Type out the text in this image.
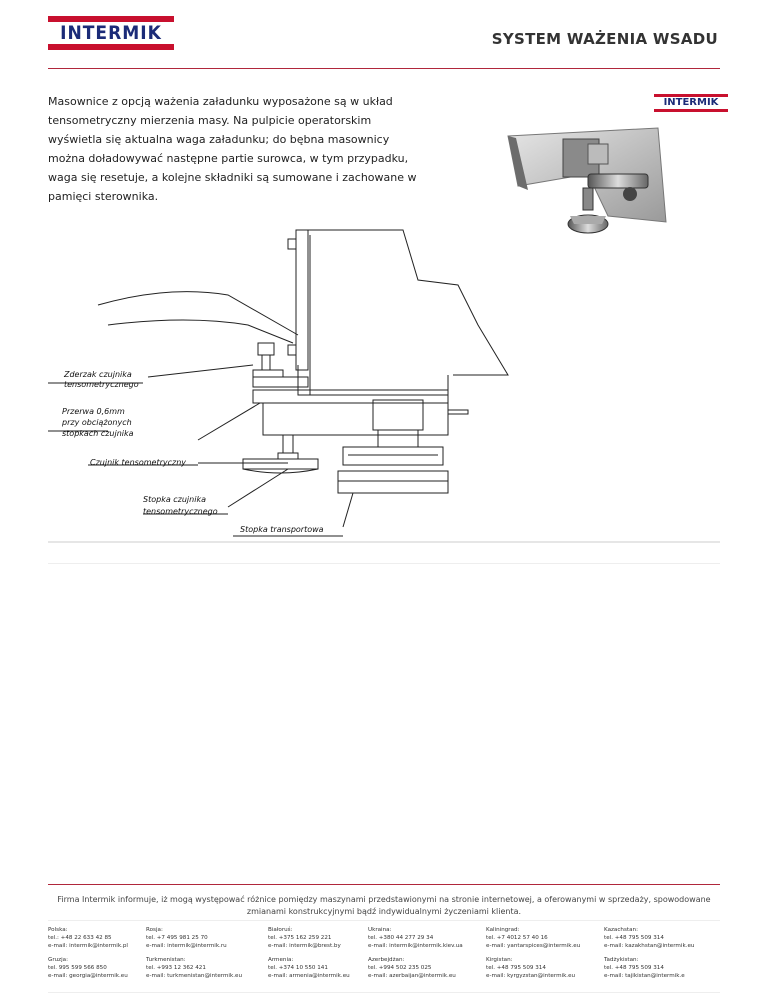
INTERMIK	SYSTEM WAŻENIA WSADU
Masownice z opcją ważenia załadunku wyposażone są w układ tensometryczny mierzenia masy. Na pulpicie operatorskim wyświetla się aktualna waga załadunku; do bębna masownicy można doładowywać następne partie surowca, w tym przypadku, waga się resetuje, a kolejne składniki są sumowane i zachowane w pamięci sterownika.
INTERMIK
Zderzak czujnika
tensometrycznego
Przerwa 0,6mm
przy obciążonych
stopkach czujnika
Czujnik tensometryczny
Stopka czujnika
tensometrycznego
Stopka transportowa
Firma Intermik informuje, iż mogą występować różnice pomiędzy maszynami przedstawionymi na stronie internetowej, a oferowanymi w sprzedaży, spowodowane zmianami konstrukcyjnymi bądź indywidualnymi życzeniami klienta.
Polska:
tel.: +48 22 633 42 85
e-mail: intermik@intermik.pl
Rosja:
tel. +7 495 981 25 70
e-mail: intermik@intermik.ru
Białoruś:
tel. +375 162 259 221
e-mail: intermik@brest.by
Ukraina:
tel. +380 44 277 29 34
e-mail: intermik@intermik.kiev.ua
Kaliningrad:
tel. +7 4012 57 40 16
e-mail: yantarspices@intermik.eu
Kazachstan:
tel. +48 795 509 314
e-mail: kazakhstan@intermik.eu
Gruzja:
tel. 995 599 566 850
e-mail: georgia@intermik.eu
Turkmenistan:
tel. +993 12 362 421
e-mail: turkmenistan@intermik.eu
Armenia:
tel. +374 10 550 141
e-mail: armenia@intermik.eu
Azerbejdżan:
tel. +994 502 235 025
e-mail: azerbaijan@intermik.eu
Kirgistan:
tel. +48 795 509 314
e-mail: kyrgyzstan@intermik.eu
Tadżykistan:
tel. +48 795 509 314
e-mail: tajikistan@intermik.e
